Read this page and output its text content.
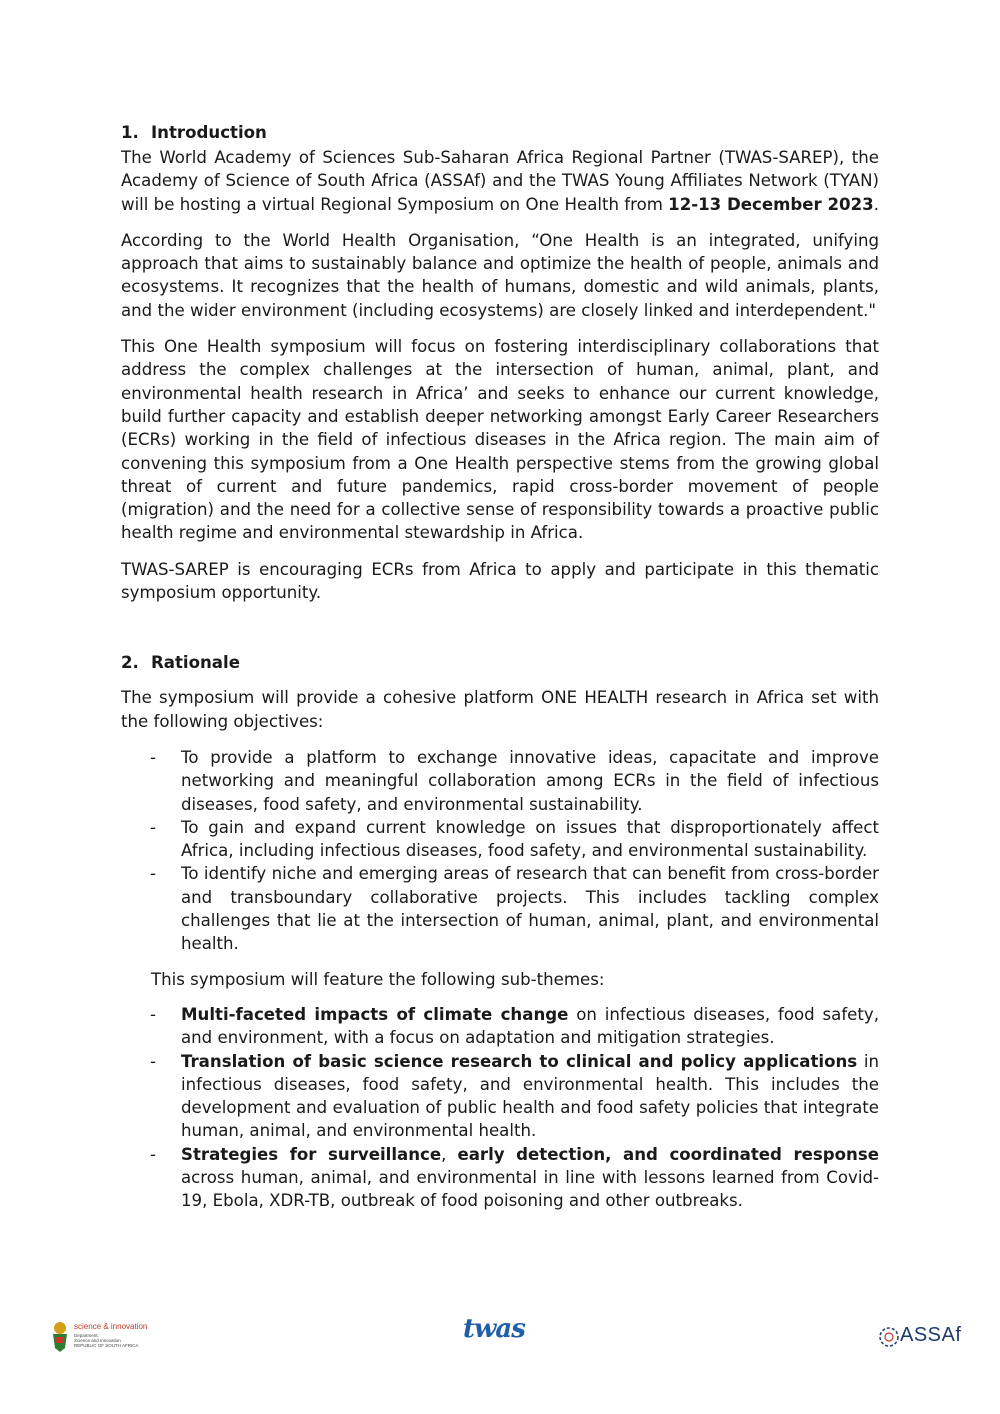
1. Introduction

The World Academy of Sciences Sub-Saharan Africa Regional Partner (TWAS-SAREP), the Academy of Science of South Africa (ASSAf) and the TWAS Young Affiliates Network (TYAN) will be hosting a virtual Regional Symposium on One Health from 12-13 December 2023.

According to the World Health Organisation, “One Health is an integrated, unifying approach that aims to sustainably balance and optimize the health of people, animals and ecosystems. It recognizes that the health of humans, domestic and wild animals, plants, and the wider environment (including ecosystems) are closely linked and interdependent."

This One Health symposium will focus on fostering interdisciplinary collaborations that address the complex challenges at the intersection of human, animal, plant, and environmental health research in Africa’ and seeks to enhance our current knowledge, build further capacity and establish deeper networking amongst Early Career Researchers (ECRs) working in the field of infectious diseases in the Africa region. The main aim of convening this symposium from a One Health perspective stems from the growing global threat of current and future pandemics, rapid cross-border movement of people (migration) and the need for a collective sense of responsibility towards a proactive public health regime and environmental stewardship in Africa.

TWAS-SAREP is encouraging ECRs from Africa to apply and participate in this thematic symposium opportunity.

2. Rationale

The symposium will provide a cohesive platform ONE HEALTH research in Africa set with the following objectives:

- To provide a platform to exchange innovative ideas, capacitate and improve networking and meaningful collaboration among ECRs in the field of infectious diseases, food safety, and environmental sustainability.
- To gain and expand current knowledge on issues that disproportionately affect Africa, including infectious diseases, food safety, and environmental sustainability.
- To identify niche and emerging areas of research that can benefit from cross-border and transboundary collaborative projects. This includes tackling complex challenges that lie at the intersection of human, animal, plant, and environmental health.

This symposium will feature the following sub-themes:

- Multi-faceted impacts of climate change on infectious diseases, food safety, and environment, with a focus on adaptation and mitigation strategies.
- Translation of basic science research to clinical and policy applications in infectious diseases, food safety, and environmental health. This includes the development and evaluation of public health and food safety policies that integrate human, animal, and environmental health.
- Strategies for surveillance, early detection, and coordinated response across human, animal, and environmental in line with lessons learned from Covid-19, Ebola, XDR-TB, outbreak of food poisoning and other outbreaks.
science & innovation
Department:
Science and Innovation
REPUBLIC OF SOUTH AFRICA
twas	ASSAf
